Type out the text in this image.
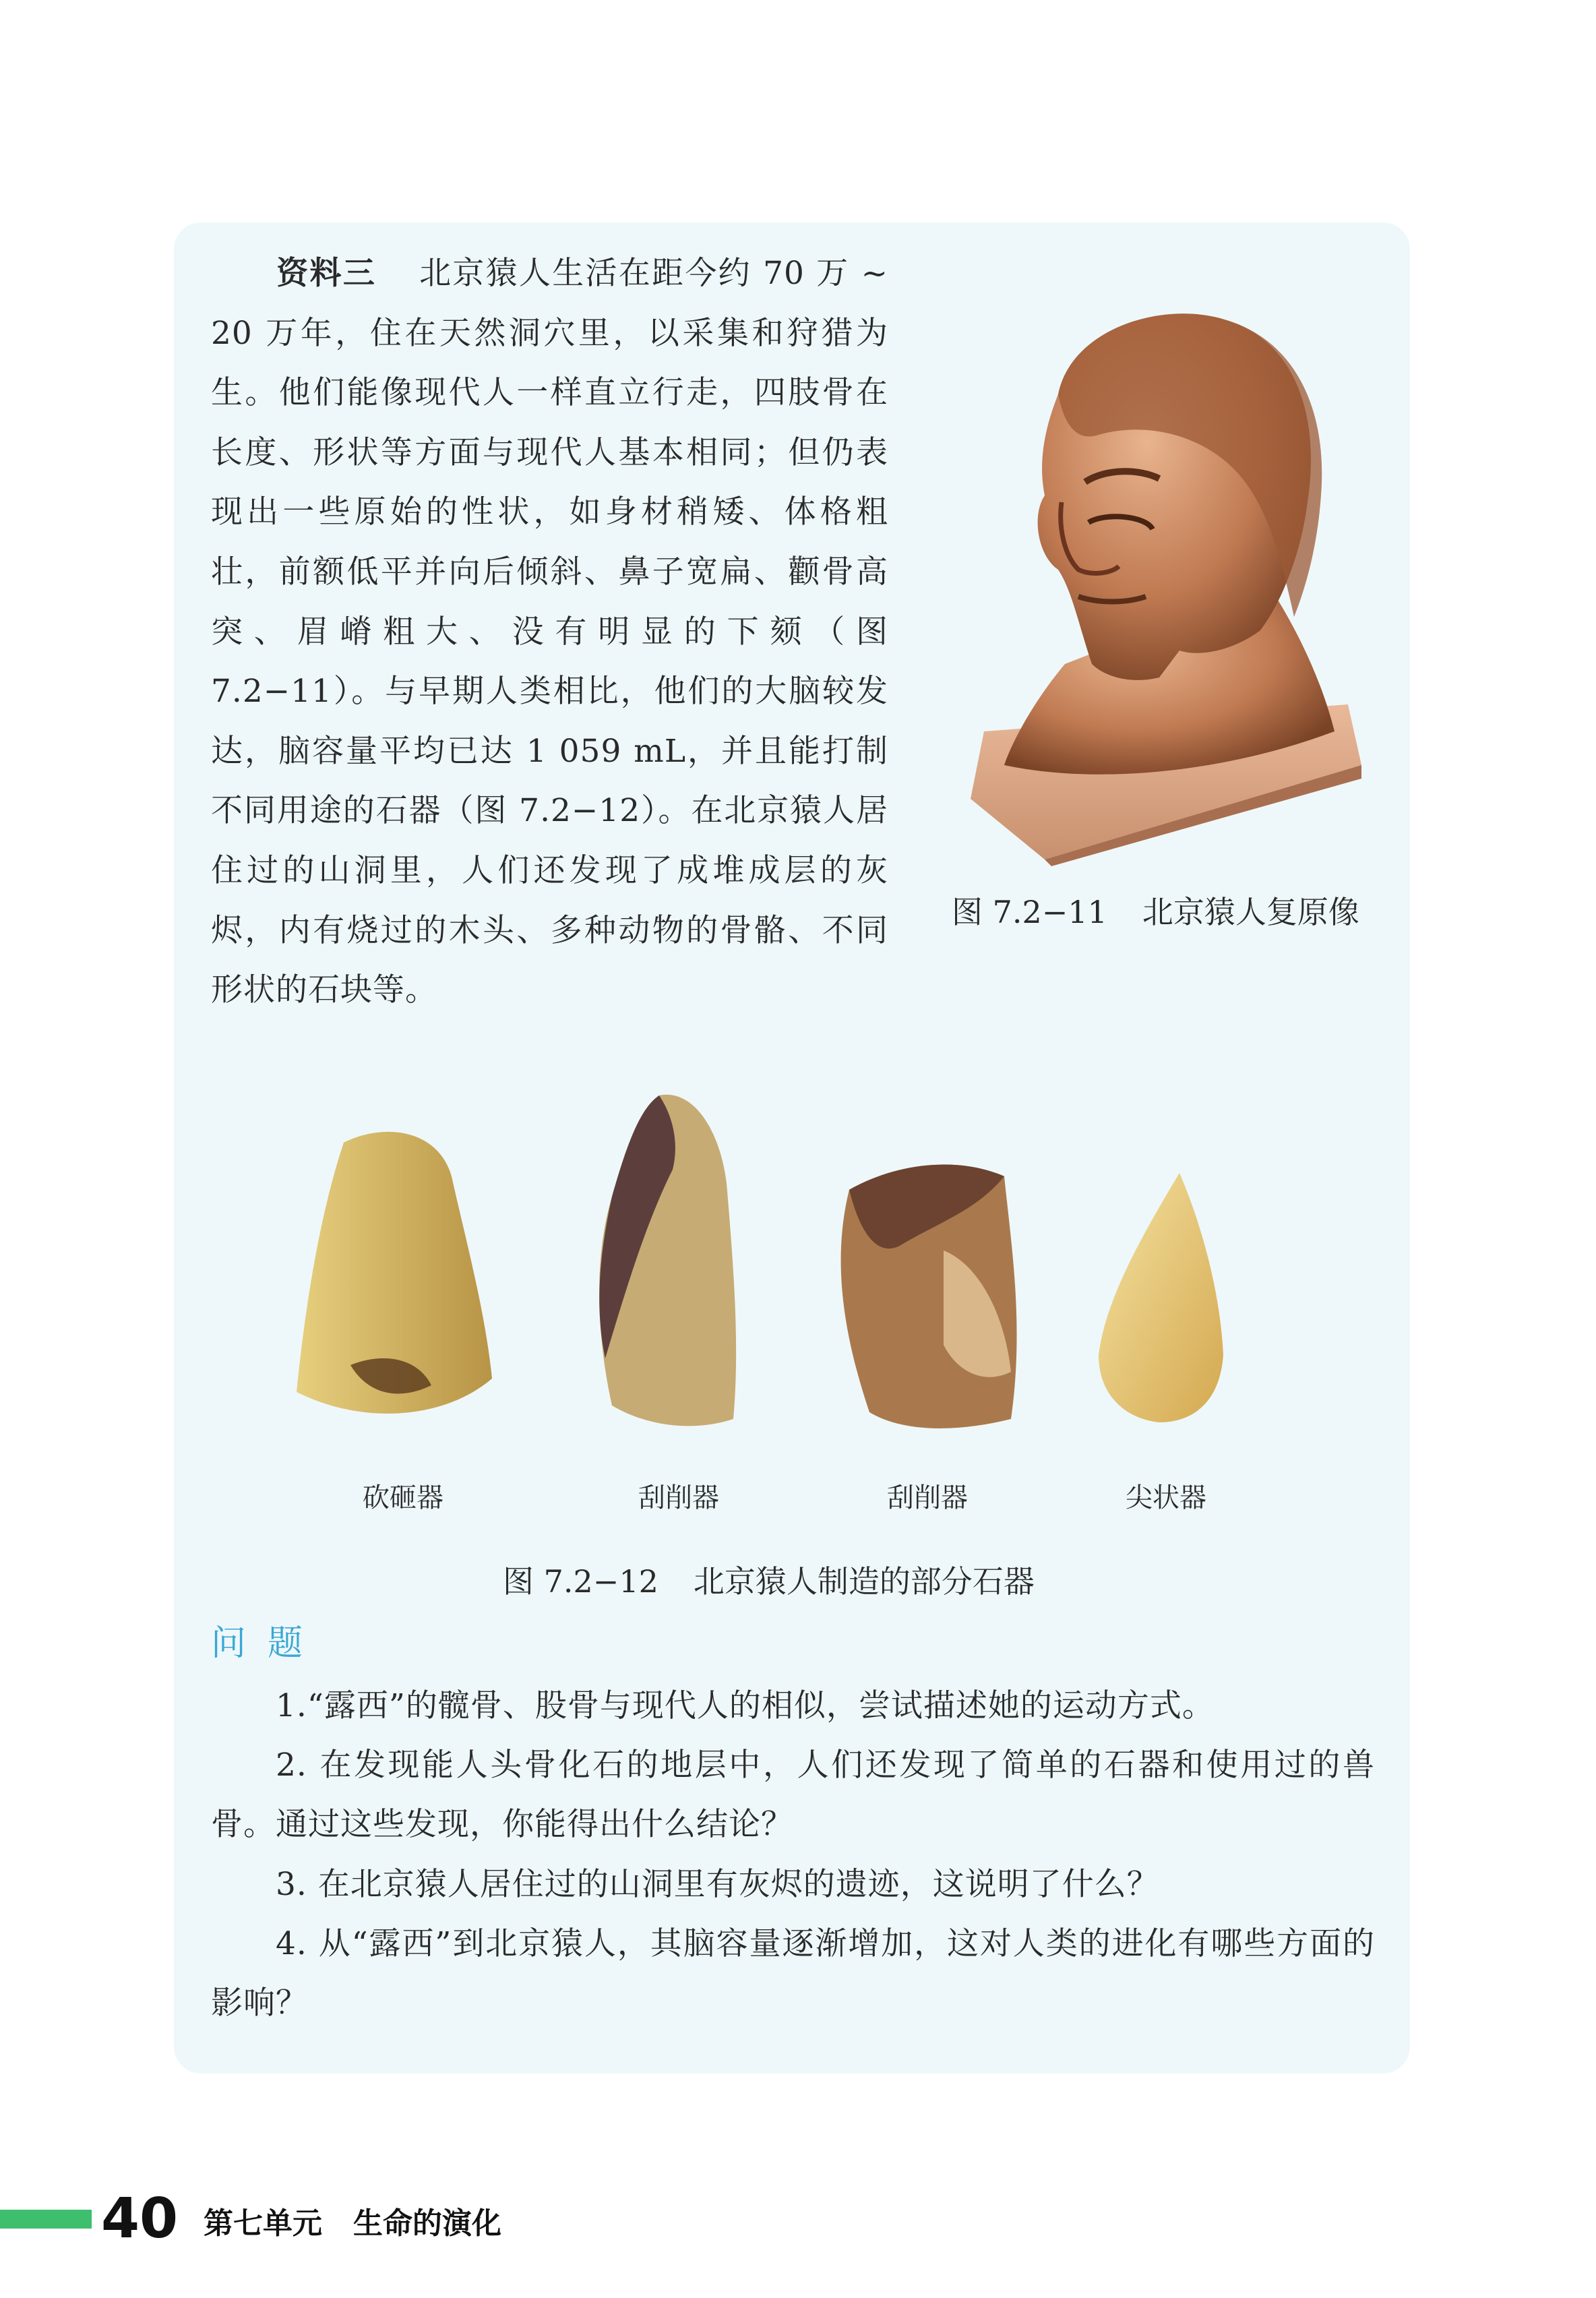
资料三 北京猿人生活在距今约 70 万 ~ 20 万年，住在天然洞穴里，以采集和狩猎为生。他们能像现代人一样直立行走，四肢骨在长度、形状等方面与现代人基本相同；但仍表现出一些原始的性状，如身材稍矮、体格粗壮，前额低平并向后倾斜、鼻子宽扁、颧骨高突、眉嵴粗大、没有明显的下颏（图 7.2−11）。与早期人类相比，他们的大脑较发达，脑容量平均已达 1 059 mL，并且能打制不同用途的石器（图 7.2−12）。在北京猿人居住过的山洞里，人们还发现了成堆成层的灰烬，内有烧过的木头、多种动物的骨骼、不同形状的石块等。

图 7.2−11 北京猿人复原像
砍砸器	刮削器	刮削器	尖状器
图 7.2−12 北京猿人制造的部分石器
问题

1.“露西”的髋骨、股骨与现代人的相似，尝试描述她的运动方式。

2. 在发现能人头骨化石的地层中，人们还发现了简单的石器和使用过的兽骨。通过这些发现，你能得出什么结论？

3. 在北京猿人居住过的山洞里有灰烬的遗迹，这说明了什么？

4. 从“露西”到北京猿人，其脑容量逐渐增加，这对人类的进化有哪些方面的影响？

40 第七单元 生命的演化
